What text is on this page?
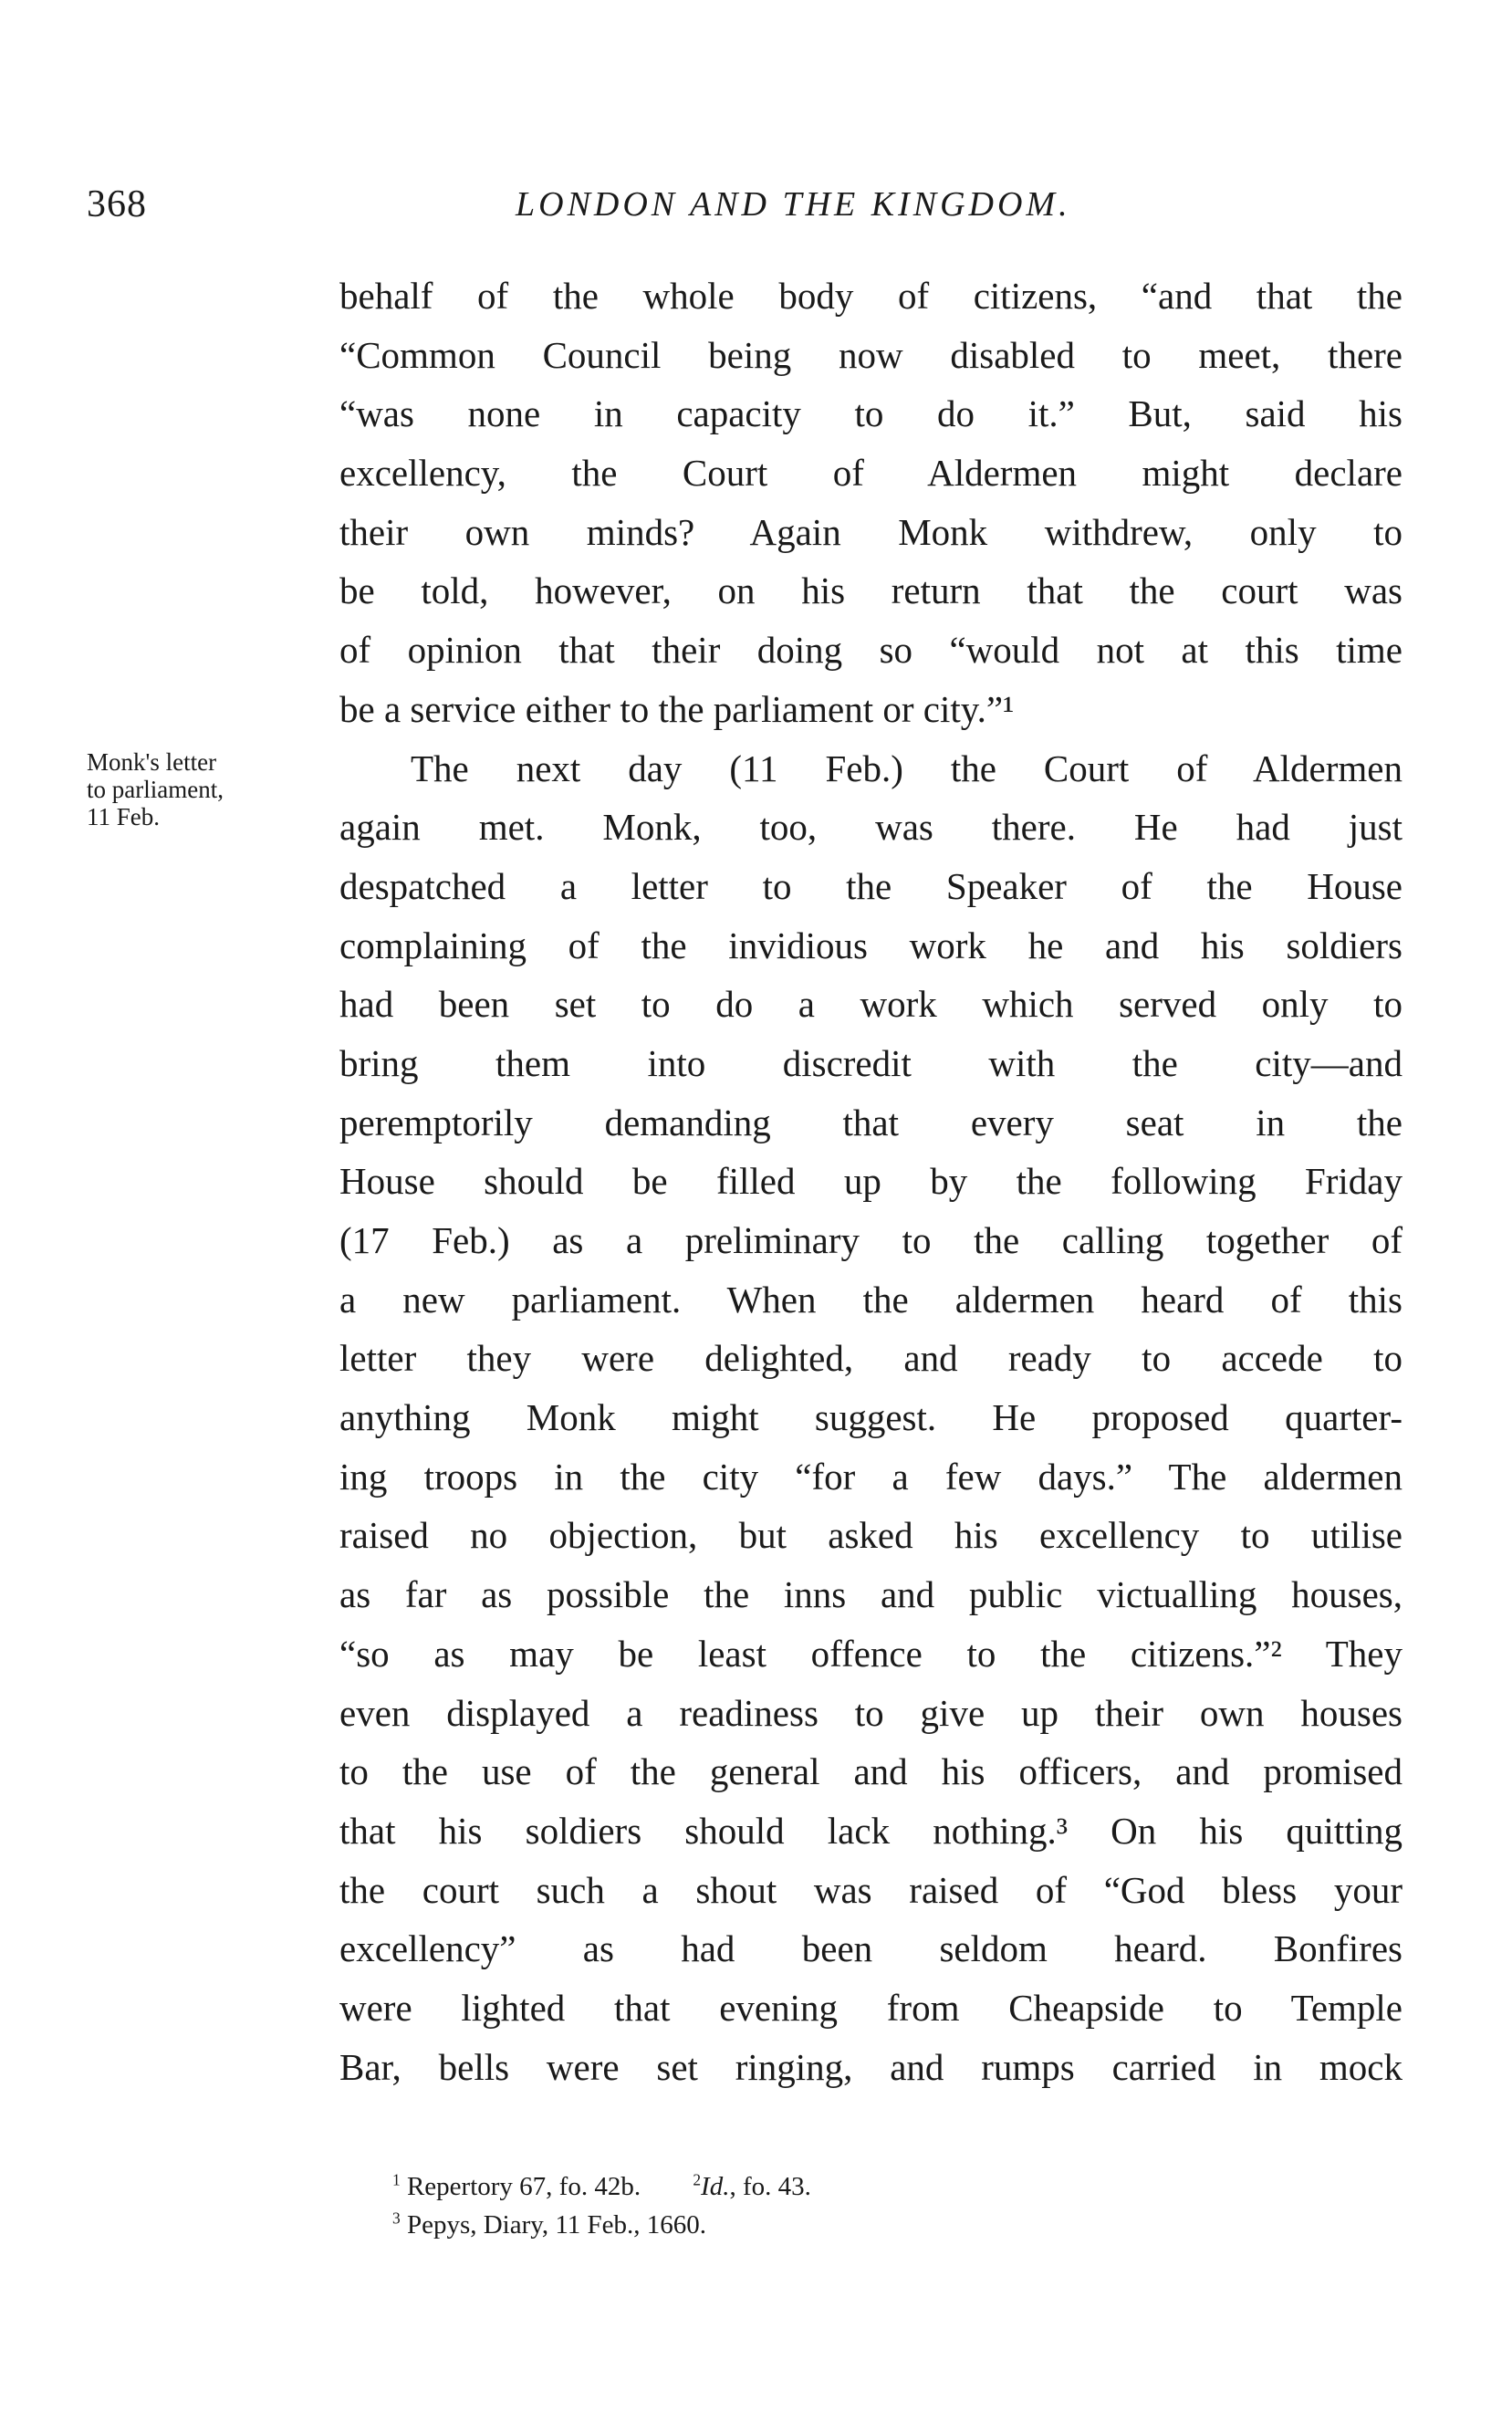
368	LONDON AND THE KINGDOM.
Monk's letter
to parliament,
11 Feb.
behalf of the whole body of citizens, “and that the
“Common Council being now disabled to meet, there
“was none in capacity to do it.” But, said his
excellency, the Court of Aldermen might declare
their own minds? Again Monk withdrew, only to
be told, however, on his return that the court was
of opinion that their doing so “would not at this time
be a service either to the parliament or city.”¹
The next day (11 Feb.) the Court of Aldermen
again met. Monk, too, was there. He had just
despatched a letter to the Speaker of the House
complaining of the invidious work he and his soldiers
had been set to do a work which served only to
bring them into discredit with the city—and
peremptorily demanding that every seat in the
House should be filled up by the following Friday
(17 Feb.) as a preliminary to the calling together of
a new parliament. When the aldermen heard of this
letter they were delighted, and ready to accede to
anything Monk might suggest. He proposed quarter-
ing troops in the city “for a few days.” The aldermen
raised no objection, but asked his excellency to utilise
as far as possible the inns and public victualling houses,
“so as may be least offence to the citizens.”² They
even displayed a readiness to give up their own houses
to the use of the general and his officers, and promised
that his soldiers should lack nothing.³ On his quitting
the court such a shout was raised of “God bless your
excellency” as had been seldom heard. Bonfires
were lighted that evening from Cheapside to Temple
Bar, bells were set ringing, and rumps carried in mock
$^1$ Repertory 67, fo. 42b.	$^2$Id., fo. 43.
$^3$ Pepys, Diary, 11 Feb., 1660.
